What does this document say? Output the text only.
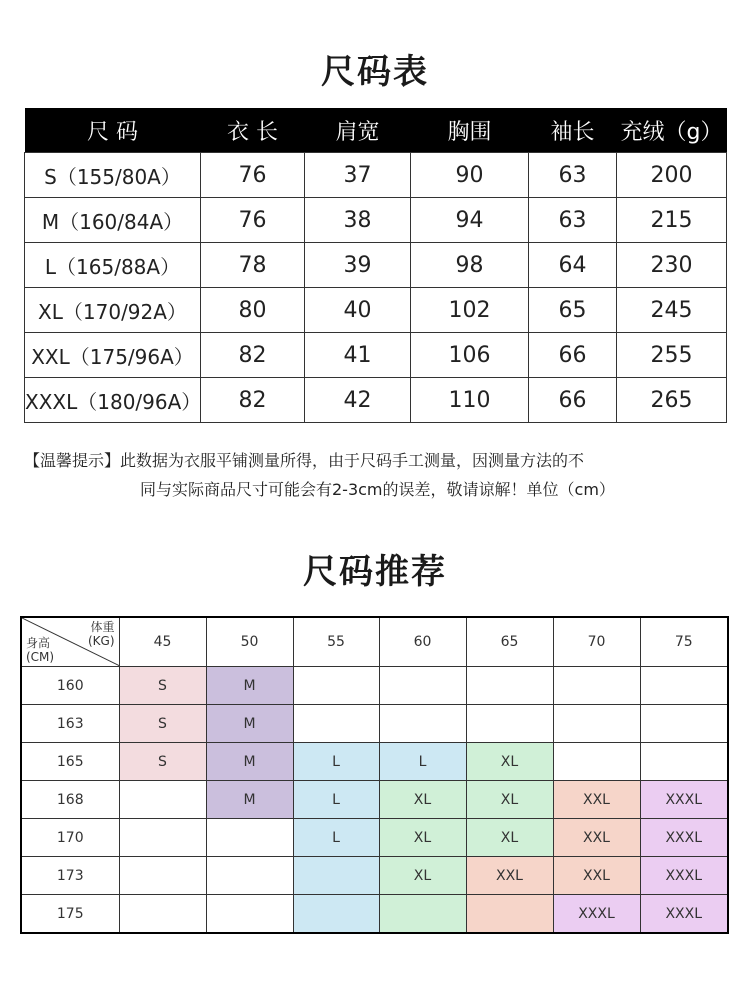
尺码表
尺 码	衣 长	肩宽	胸围	袖长	充绒（g）
S（155/80A）	76	37	90	63	200
M（160/84A）	76	38	94	63	215
L（165/88A）	78	39	98	64	230
XL（170/92A）	80	40	102	65	245
XXL（175/96A）	82	41	106	66	255
XXXL（180/96A）	82	42	110	66	265
【温馨提示】此数据为衣服平铺测量所得，由于尺码手工测量，因测量方法的不
同与实际商品尺寸可能会有2-3cm的误差，敬请谅解！单位（cm）
尺码推荐
体重
(KG)
身高
(CM)	45	50	55	60	65	70	75
160	S	M					
163	S	M					
165	S	M	L	L	XL		
168		M	L	XL	XL	XXL	XXXL
170			L	XL	XL	XXL	XXXL
173				XL	XXL	XXL	XXXL
175						XXXL	XXXL
